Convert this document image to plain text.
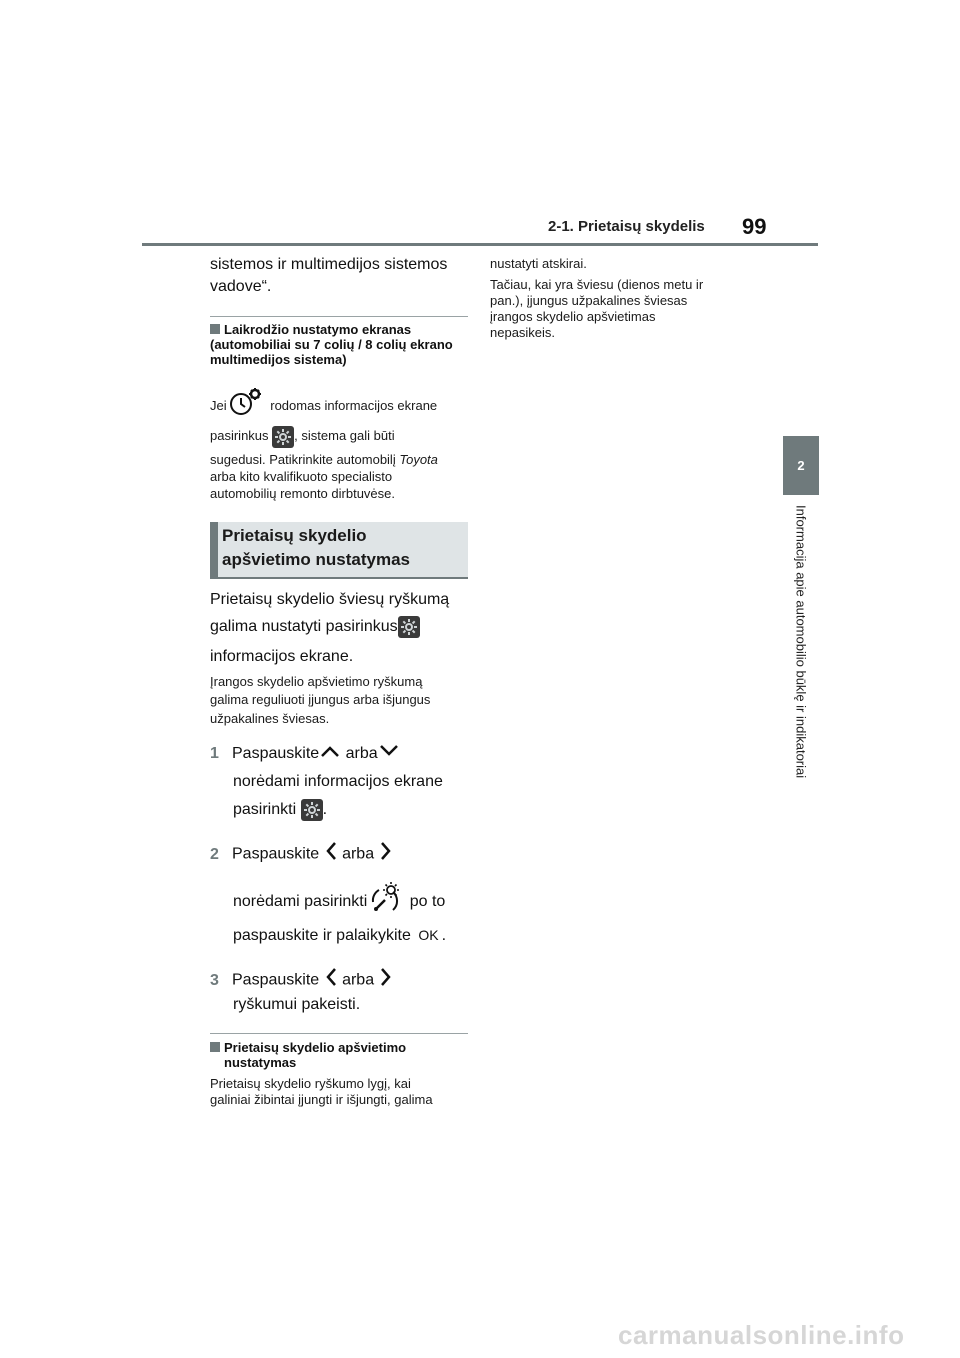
2-1. Prietaisų skydelis 99
2
Informacija apie automobilio būklę ir indikatoriai
sistemos ir multimedijos sistemos
vadove“.
Laikrodžio nustatymo ekranas (automobiliai su 7 colių / 8 colių ekrano multimedijos sistema)
Jei	rodomas informacijos ekrane
pasirinkus , sistema gali būti
sugedusi. Patikrinkite automobilį Toyota
arba kito kvalifikuoto specialisto
automobilių remonto dirbtuvėse.
Prietaisų skydelio
apšvietimo nustatymas
Prietaisų skydelio šviesų ryškumą
galima nustatyti pasirinkus
informacijos ekrane.
Įrangos skydelio apšvietimo ryškumą
galima reguliuoti įjungus arba išjungus
užpakalines šviesas.
1 Paspauskite arba
norėdami informacijos ekrane
pasirinkti .
2 Paspauskite arba
norėdami pasirinkti	po to
paspauskite ir palaikykite OK .
3 Paspauskite arba
ryškumui pakeisti.
Prietaisų skydelio apšvietimo
nustatymas
Prietaisų skydelio ryškumo lygį, kai
galiniai žibintai įjungti ir išjungti, galima
nustatyti atskirai.
Tačiau, kai yra šviesu (dienos metu ir
pan.), įjungus užpakalines šviesas
įrangos skydelio apšvietimas
nepasikeis.
carmanualsonline.info
